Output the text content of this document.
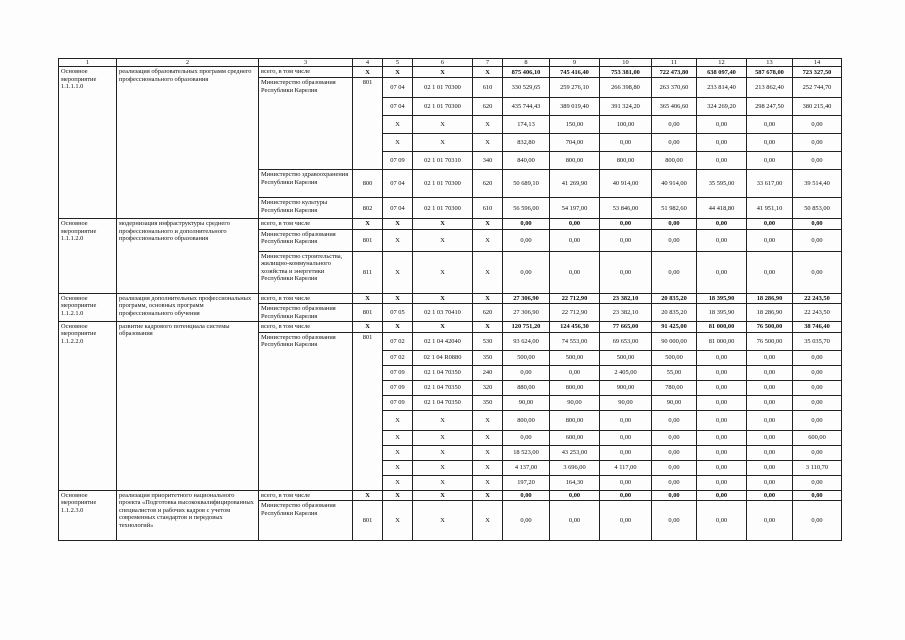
1	2	3	4	5	6	7	8	9	10	11	12	13	14
Основное мероприятие 1.1.1.1.0	реализация образовательных программ среднего профессионального образования	всего, в том числе	X	X	X	X	875 406,10	745 416,40	753 381,00	722 473,80	638 097,40	587 678,00	723 327,50
		Министерство образования Республики Карелия	801	07 04	02 1 01 70300	610	330 529,65	259 276,10	266 398,80	263 370,60	233 814,40	213 862,40	252 744,70
				07 04	02 1 01 70300	620	435 744,43	389 019,40	391 324,20	365 406,60	324 269,20	298 247,50	380 215,40
				X	X	X	174,13	150,00	100,00	0,00	0,00	0,00	0,00
				X	X	X	832,80	704,00	0,00	0,00	0,00	0,00	0,00
				07 09	02 1 01 70310	340	840,00	800,00	800,00	800,00	0,00	0,00	0,00
		Министерство здравоохранения Республики Карелия	800	07 04	02 1 01 70300	620	50 689,10	41 269,90	40 914,00	40 914,00	35 595,00	33 617,00	39 514,40
		Министерство культуры Республики Карелия	802	07 04	02 1 01 70300	610	56 596,00	54 197,00	53 846,00	51 982,60	44 418,80	41 951,10	50 853,00
Основное мероприятие 1.1.1.2.0	модернизация инфраструктуры среднего профессионального и дополнительного профессионального образования	всего, в том числе	X	X	X	X	0,00	0,00	0,00	0,00	0,00	0,00	0,00
		Министерство образования Республики Карелия	801	X	X	X	0,00	0,00	0,00	0,00	0,00	0,00	0,00
		Министерство строительства, жилищно-коммунального хозяйства и энергетики Республики Карелия	811	X	X	X	0,00	0,00	0,00	0,00	0,00	0,00	0,00
Основное мероприятие 1.1.2.1.0	реализация дополнительных профессиональных программ, основных программ профессионального обучения	всего, в том числе	X	X	X	X	27 306,90	22 712,90	23 382,10	20 835,20	18 395,90	18 286,90	22 243,50
		Министерство образования Республики Карелия	801	07 05	02 1 03 70410	620	27 306,90	22 712,90	23 382,10	20 835,20	18 395,90	18 286,90	22 243,50
Основное мероприятие 1.1.2.2.0	развитие кадрового потенциала системы образования	всего, в том числе	X	X	X	X	120 751,20	124 456,30	77 665,00	91 425,00	81 000,00	76 500,00	38 746,40
		Министерство образования Республики Карелия	801	07 02	02 1 04 42040	530	93 624,00	74 553,00	69 653,00	90 000,00	81 000,00	76 500,00	35 035,70
				07 02	02 1 04 R0880	350	500,00	500,00	500,00	500,00	0,00	0,00	0,00
				07 09	02 1 04 70350	240	0,00	0,00	2 405,00	55,00	0,00	0,00	0,00
				07 09	02 1 04 70350	320	880,00	800,00	900,00	780,00	0,00	0,00	0,00
				07 09	02 1 04 70350	350	90,00	90,00	90,00	90,00	0,00	0,00	0,00
				X	X	X	800,00	800,00	0,00	0,00	0,00	0,00	0,00
				X	X	X	0,00	600,00	0,00	0,00	0,00	0,00	600,00
				X	X	X	18 523,00	43 253,00	0,00	0,00	0,00	0,00	0,00
				X	X	X	4 137,00	3 696,00	4 117,00	0,00	0,00	0,00	3 110,70
				X	X	X	197,20	164,30	0,00	0,00	0,00	0,00	0,00
Основное мероприятие 1.1.2.3.0	реализация приоритетного национального проекта «Подготовка высококвалифицированных специалистов и рабочих кадров с учетом современных стандартов и передовых технологий»	всего, в том числе	X	X	X	X	0,00	0,00	0,00	0,00	0,00	0,00	0,00
		Министерство образования Республики Карелия	801	X	X	X	0,00	0,00	0,00	0,00	0,00	0,00	0,00
